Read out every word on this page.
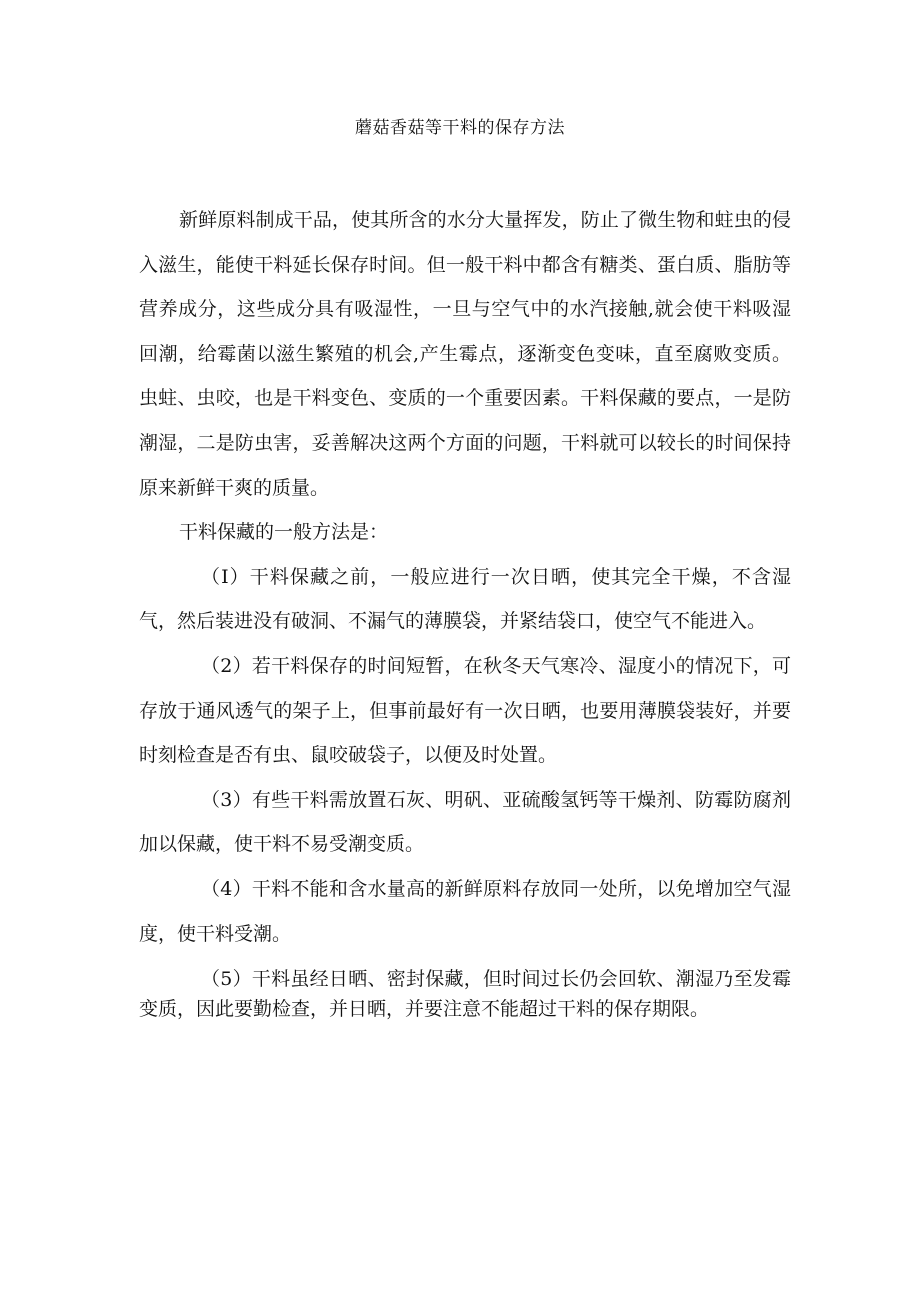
蘑菇香菇等干料的保存方法

新鲜原料制成干品，使其所含的水分大量挥发，防止了微生物和蛀虫的侵入滋生，能使干料延长保存时间。但一般干料中都含有糖类、蛋白质、脂肪等营养成分，这些成分具有吸湿性，一旦与空气中的水汽接触,就会使干料吸湿回潮，给霉菌以滋生繁殖的机会,产生霉点，逐渐变色变味，直至腐败变质。虫蛀、虫咬，也是干料变色、变质的一个重要因素。干料保藏的要点，一是防潮湿，二是防虫害，妥善解决这两个方面的问题，干料就可以较长的时间保持原来新鲜干爽的质量。

干料保藏的一般方法是：

（I）干料保藏之前，一般应进行一次日晒，使其完全干燥，不含湿气，然后装进没有破洞、不漏气的薄膜袋，并紧结袋口，使空气不能进入。

（2）若干料保存的时间短暂，在秋冬天气寒冷、湿度小的情况下，可存放于通风透气的架子上，但事前最好有一次日晒，也要用薄膜袋装好，并要时刻检查是否有虫、鼠咬破袋子，以便及时处置。

（3）有些干料需放置石灰、明矾、亚硫酸氢钙等干燥剂、防霉防腐剂加以保藏，使干料不易受潮变质。

（4）干料不能和含水量高的新鲜原料存放同一处所，以免增加空气湿度，使干料受潮。

（5）干料虽经日晒、密封保藏，但时间过长仍会回软、潮湿乃至发霉变质，因此要勤检查，并日晒，并要注意不能超过干料的保存期限。
